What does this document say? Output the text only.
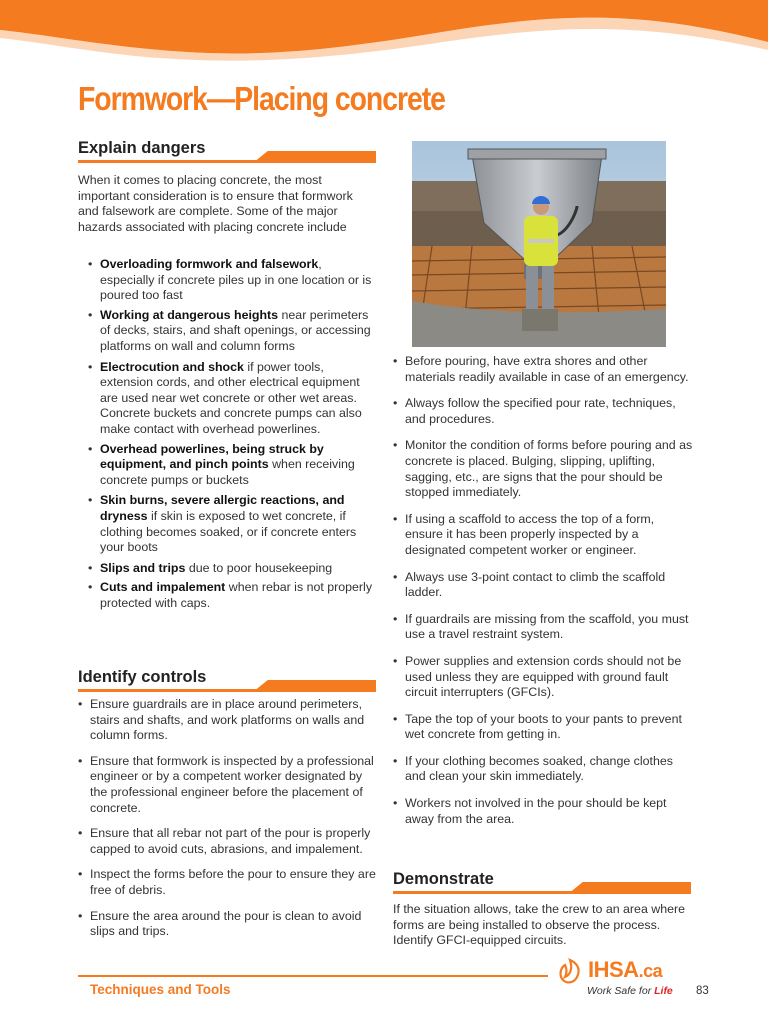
Formwork—Placing concrete
Explain dangers

When it comes to placing concrete, the most important consideration is to ensure that formwork and falsework are complete. Some of the major hazards associated with placing concrete include

• Overloading formwork and falsework, especially if concrete piles up in one location or is poured too fast
• Working at dangerous heights near perimeters of decks, stairs, and shaft openings, or accessing platforms on wall and column forms
• Electrocution and shock if power tools, extension cords, and other electrical equipment are used near wet concrete or other wet areas. Concrete buckets and concrete pumps can also make contact with overhead powerlines.
• Overhead powerlines, being struck by equipment, and pinch points when receiving concrete pumps or buckets
• Skin burns, severe allergic reactions, and dryness if skin is exposed to wet concrete, if clothing becomes soaked, or if concrete enters your boots
• Slips and trips due to poor housekeeping
• Cuts and impalement when rebar is not properly protected with caps.
Identify controls
• Ensure guardrails are in place around perimeters, stairs and shafts, and work platforms on walls and column forms.
• Ensure that formwork is inspected by a professional engineer or by a competent worker designated by the professional engineer before the placement of concrete.
• Ensure that all rebar not part of the pour is properly capped to avoid cuts, abrasions, and impalement.
• Inspect the forms before the pour to ensure they are free of debris.
• Ensure the area around the pour is clean to avoid slips and trips.
• Before pouring, have extra shores and other materials readily available in case of an emergency.
• Always follow the specified pour rate, techniques, and procedures.
• Monitor the condition of forms before pouring and as concrete is placed. Bulging, slipping, uplifting, sagging, etc., are signs that the pour should be stopped immediately.
• If using a scaffold to access the top of a form, ensure it has been properly inspected by a designated competent worker or engineer.
• Always use 3-point contact to climb the scaffold ladder.
• If guardrails are missing from the scaffold, you must use a travel restraint system.
• Power supplies and extension cords should not be used unless they are equipped with ground fault circuit interrupters (GFCIs).
• Tape the top of your boots to your pants to prevent wet concrete from getting in.
• If your clothing becomes soaked, change clothes and clean your skin immediately.
• Workers not involved in the pour should be kept away from the area.
Demonstrate

If the situation allows, take the crew to an area where forms are being installed to observe the process. Identify GFCI-equipped circuits.

Techniques and Tools
IHSA.ca
Work Safe for Life 83
